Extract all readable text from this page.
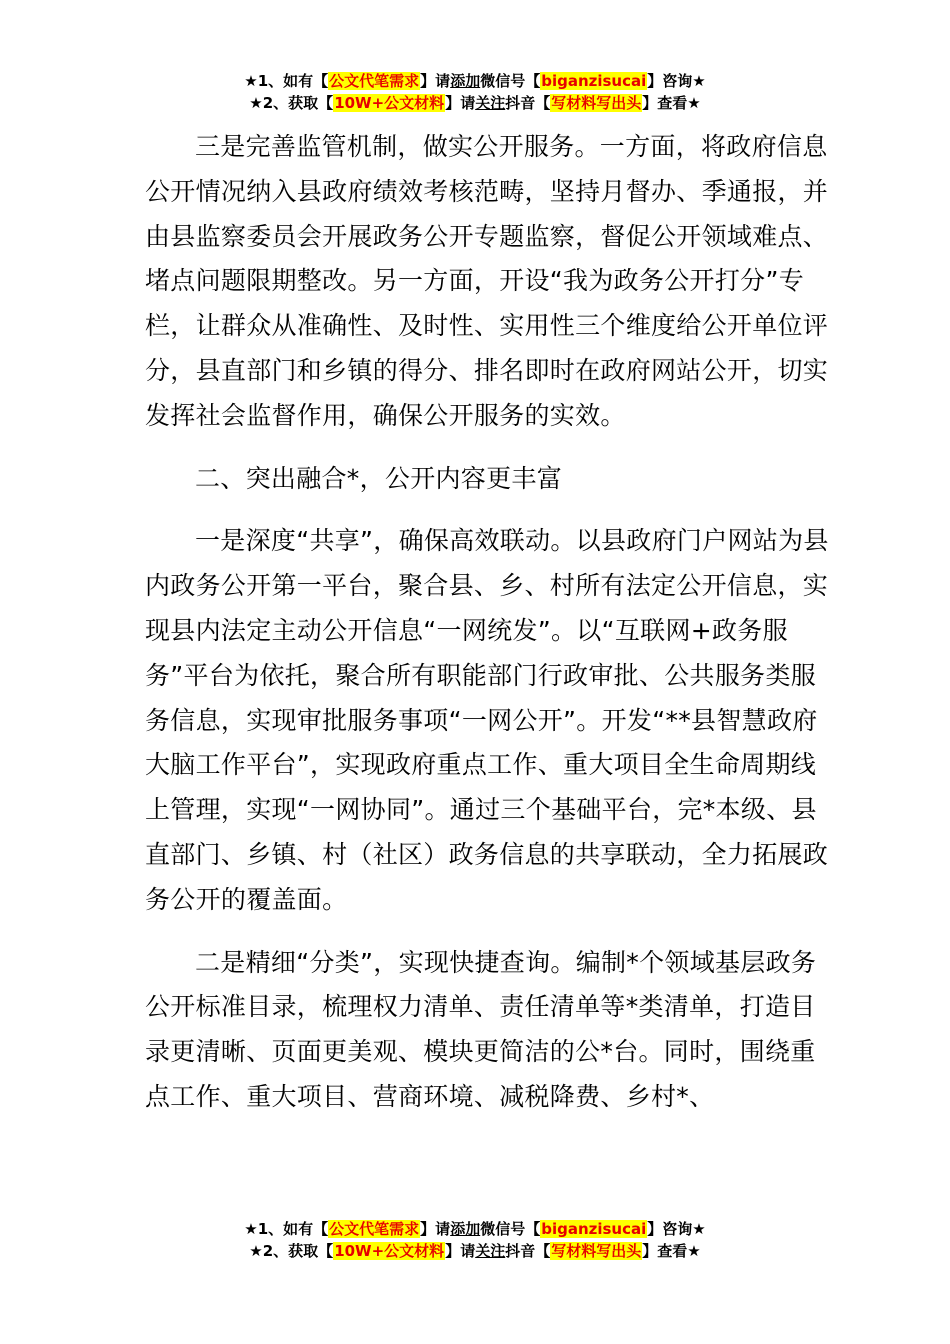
★1、如有【公文代笔需求】请添加微信号【biganzisucai】咨询★
★2、获取【10W+公文材料】请关注抖音【写材料写出头】查看★

三是完善监管机制，做实公开服务。一方面，将政府信息公开情况纳入县政府绩效考核范畴，坚持月督办、季通报，并由县监察委员会开展政务公开专题监察，督促公开领域难点、堵点问题限期整改。另一方面，开设“我为政务公开打分”专栏，让群众从准确性、及时性、实用性三个维度给公开单位评分，县直部门和乡镇的得分、排名即时在政府网站公开，切实发挥社会监督作用，确保公开服务的实效。

二、突出融合*，公开内容更丰富

一是深度“共享”，确保高效联动。以县政府门户网站为县内政务公开第一平台，聚合县、乡、村所有法定公开信息，实现县内法定主动公开信息“一网统发”。以“互联网+政务服务”平台为依托，聚合所有职能部门行政审批、公共服务类服务信息，实现审批服务事项“一网公开”。开发“**县智慧政府大脑工作平台”，实现政府重点工作、重大项目全生命周期线上管理，实现“一网协同”。通过三个基础平台，完*本级、县直部门、乡镇、村（社区）政务信息的共享联动，全力拓展政务公开的覆盖面。

二是精细“分类”，实现快捷查询。编制*个领域基层政务公开标准目录，梳理权力清单、责任清单等*类清单，打造目录更清晰、页面更美观、模块更简洁的公*台。同时，围绕重点工作、重大项目、营商环境、减税降费、乡村*、

★1、如有【公文代笔需求】请添加微信号【biganzisucai】咨询★
★2、获取【10W+公文材料】请关注抖音【写材料写出头】查看★
